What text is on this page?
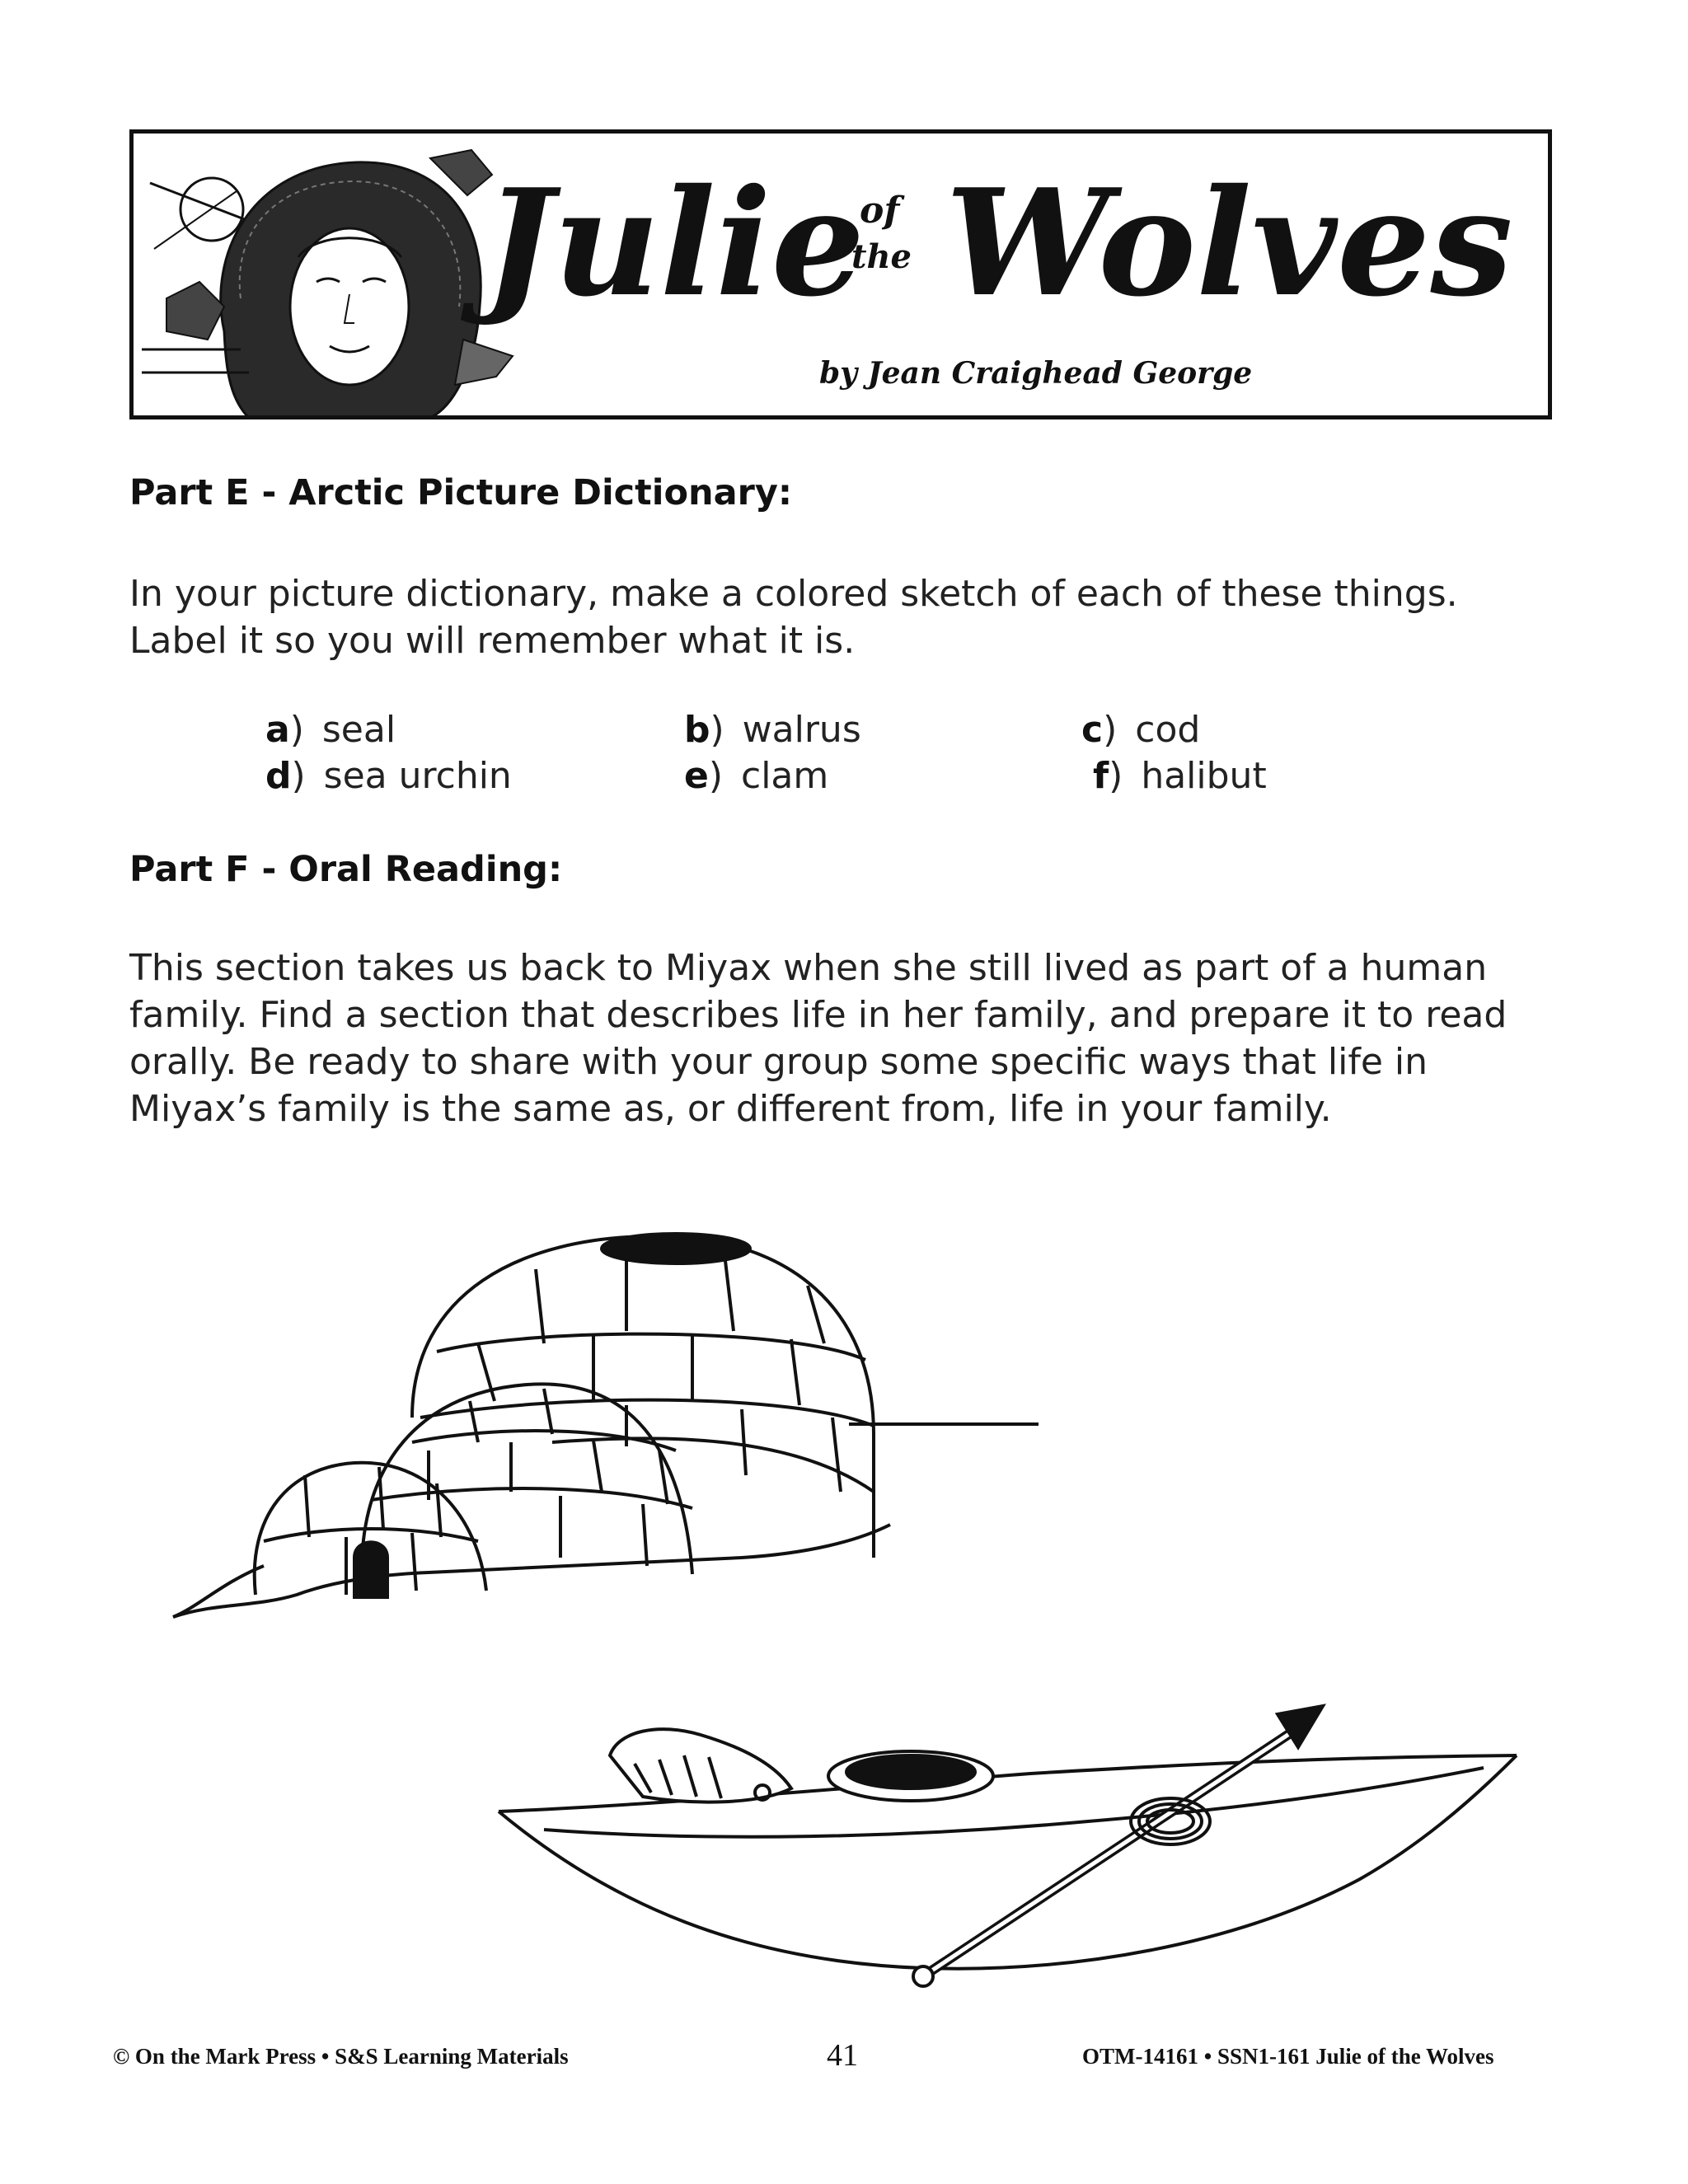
Julie
of
the Wolves
by Jean Craighead George
Part E - Arctic Picture Dictionary:

In your picture dictionary, make a colored sketch of each of these things.
Label it so you will remember what it is.

a) seal	b) walrus	c) cod
d) sea urchin	e) clam	f) halibut
Part F - Oral Reading:

This section takes us back to Miyax when she still lived as part of a human
family. Find a section that describes life in her family, and prepare it to read
orally. Be ready to share with your group some specific ways that life in
Miyax’s family is the same as, or different from, life in your family.

© On the Mark Press • S&S Learning Materials	41	OTM-14161 • SSN1-161 Julie of the Wolves
